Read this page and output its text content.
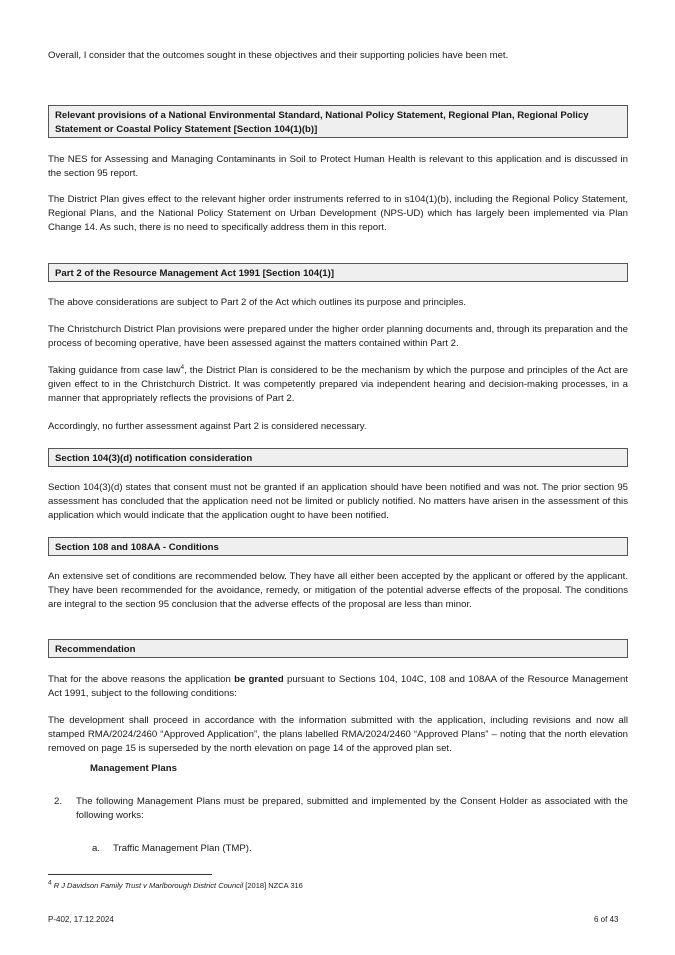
Overall, I consider that the outcomes sought in these objectives and their supporting policies have been met.

Relevant provisions of a National Environmental Standard, National Policy Statement, Regional Plan, Regional Policy Statement or Coastal Policy Statement [Section 104(1)(b)]

The NES for Assessing and Managing Contaminants in Soil to Protect Human Health is relevant to this application and is discussed in the section 95 report.

The District Plan gives effect to the relevant higher order instruments referred to in s104(1)(b), including the Regional Policy Statement, Regional Plans, and the National Policy Statement on Urban Development (NPS-UD) which has largely been implemented via Plan Change 14. As such, there is no need to specifically address them in this report.

Part 2 of the Resource Management Act 1991 [Section 104(1)]

The above considerations are subject to Part 2 of the Act which outlines its purpose and principles.

The Christchurch District Plan provisions were prepared under the higher order planning documents and, through its preparation and the process of becoming operative, have been assessed against the matters contained within Part 2.

Taking guidance from case law$^4$, the District Plan is considered to be the mechanism by which the purpose and principles of the Act are given effect to in the Christchurch District. It was competently prepared via independent hearing and decision-making processes, in a manner that appropriately reflects the provisions of Part 2.

Accordingly, no further assessment against Part 2 is considered necessary.

Section 104(3)(d) notification consideration

Section 104(3)(d) states that consent must not be granted if an application should have been notified and was not. The prior section 95 assessment has concluded that the application need not be limited or publicly notified. No matters have arisen in the assessment of this application which would indicate that the application ought to have been notified.

Section 108 and 108AA - Conditions

An extensive set of conditions are recommended below. They have all either been accepted by the applicant or offered by the applicant. They have been recommended for the avoidance, remedy, or mitigation of the potential adverse effects of the proposal. The conditions are integral to the section 95 conclusion that the adverse effects of the proposal are less than minor.

Recommendation

That for the above reasons the application be granted pursuant to Sections 104, 104C, 108 and 108AA of the Resource Management Act 1991, subject to the following conditions:

The development shall proceed in accordance with the information submitted with the application, including revisions and now all stamped RMA/2024/2460 “Approved Application”, the plans labelled RMA/2024/2460 “Approved Plans” – noting that the north elevation removed on page 15 is superseded by the north elevation on page 14 of the approved plan set.

Management Plans
2. The following Management Plans must be prepared, submitted and implemented by the Consent Holder as associated with the following works:
a. Traffic Management Plan (TMP).
4 R J Davidson Family Trust v Marlborough District Council [2018] NZCA 316
P-402, 17.12.2024	6 of 43
